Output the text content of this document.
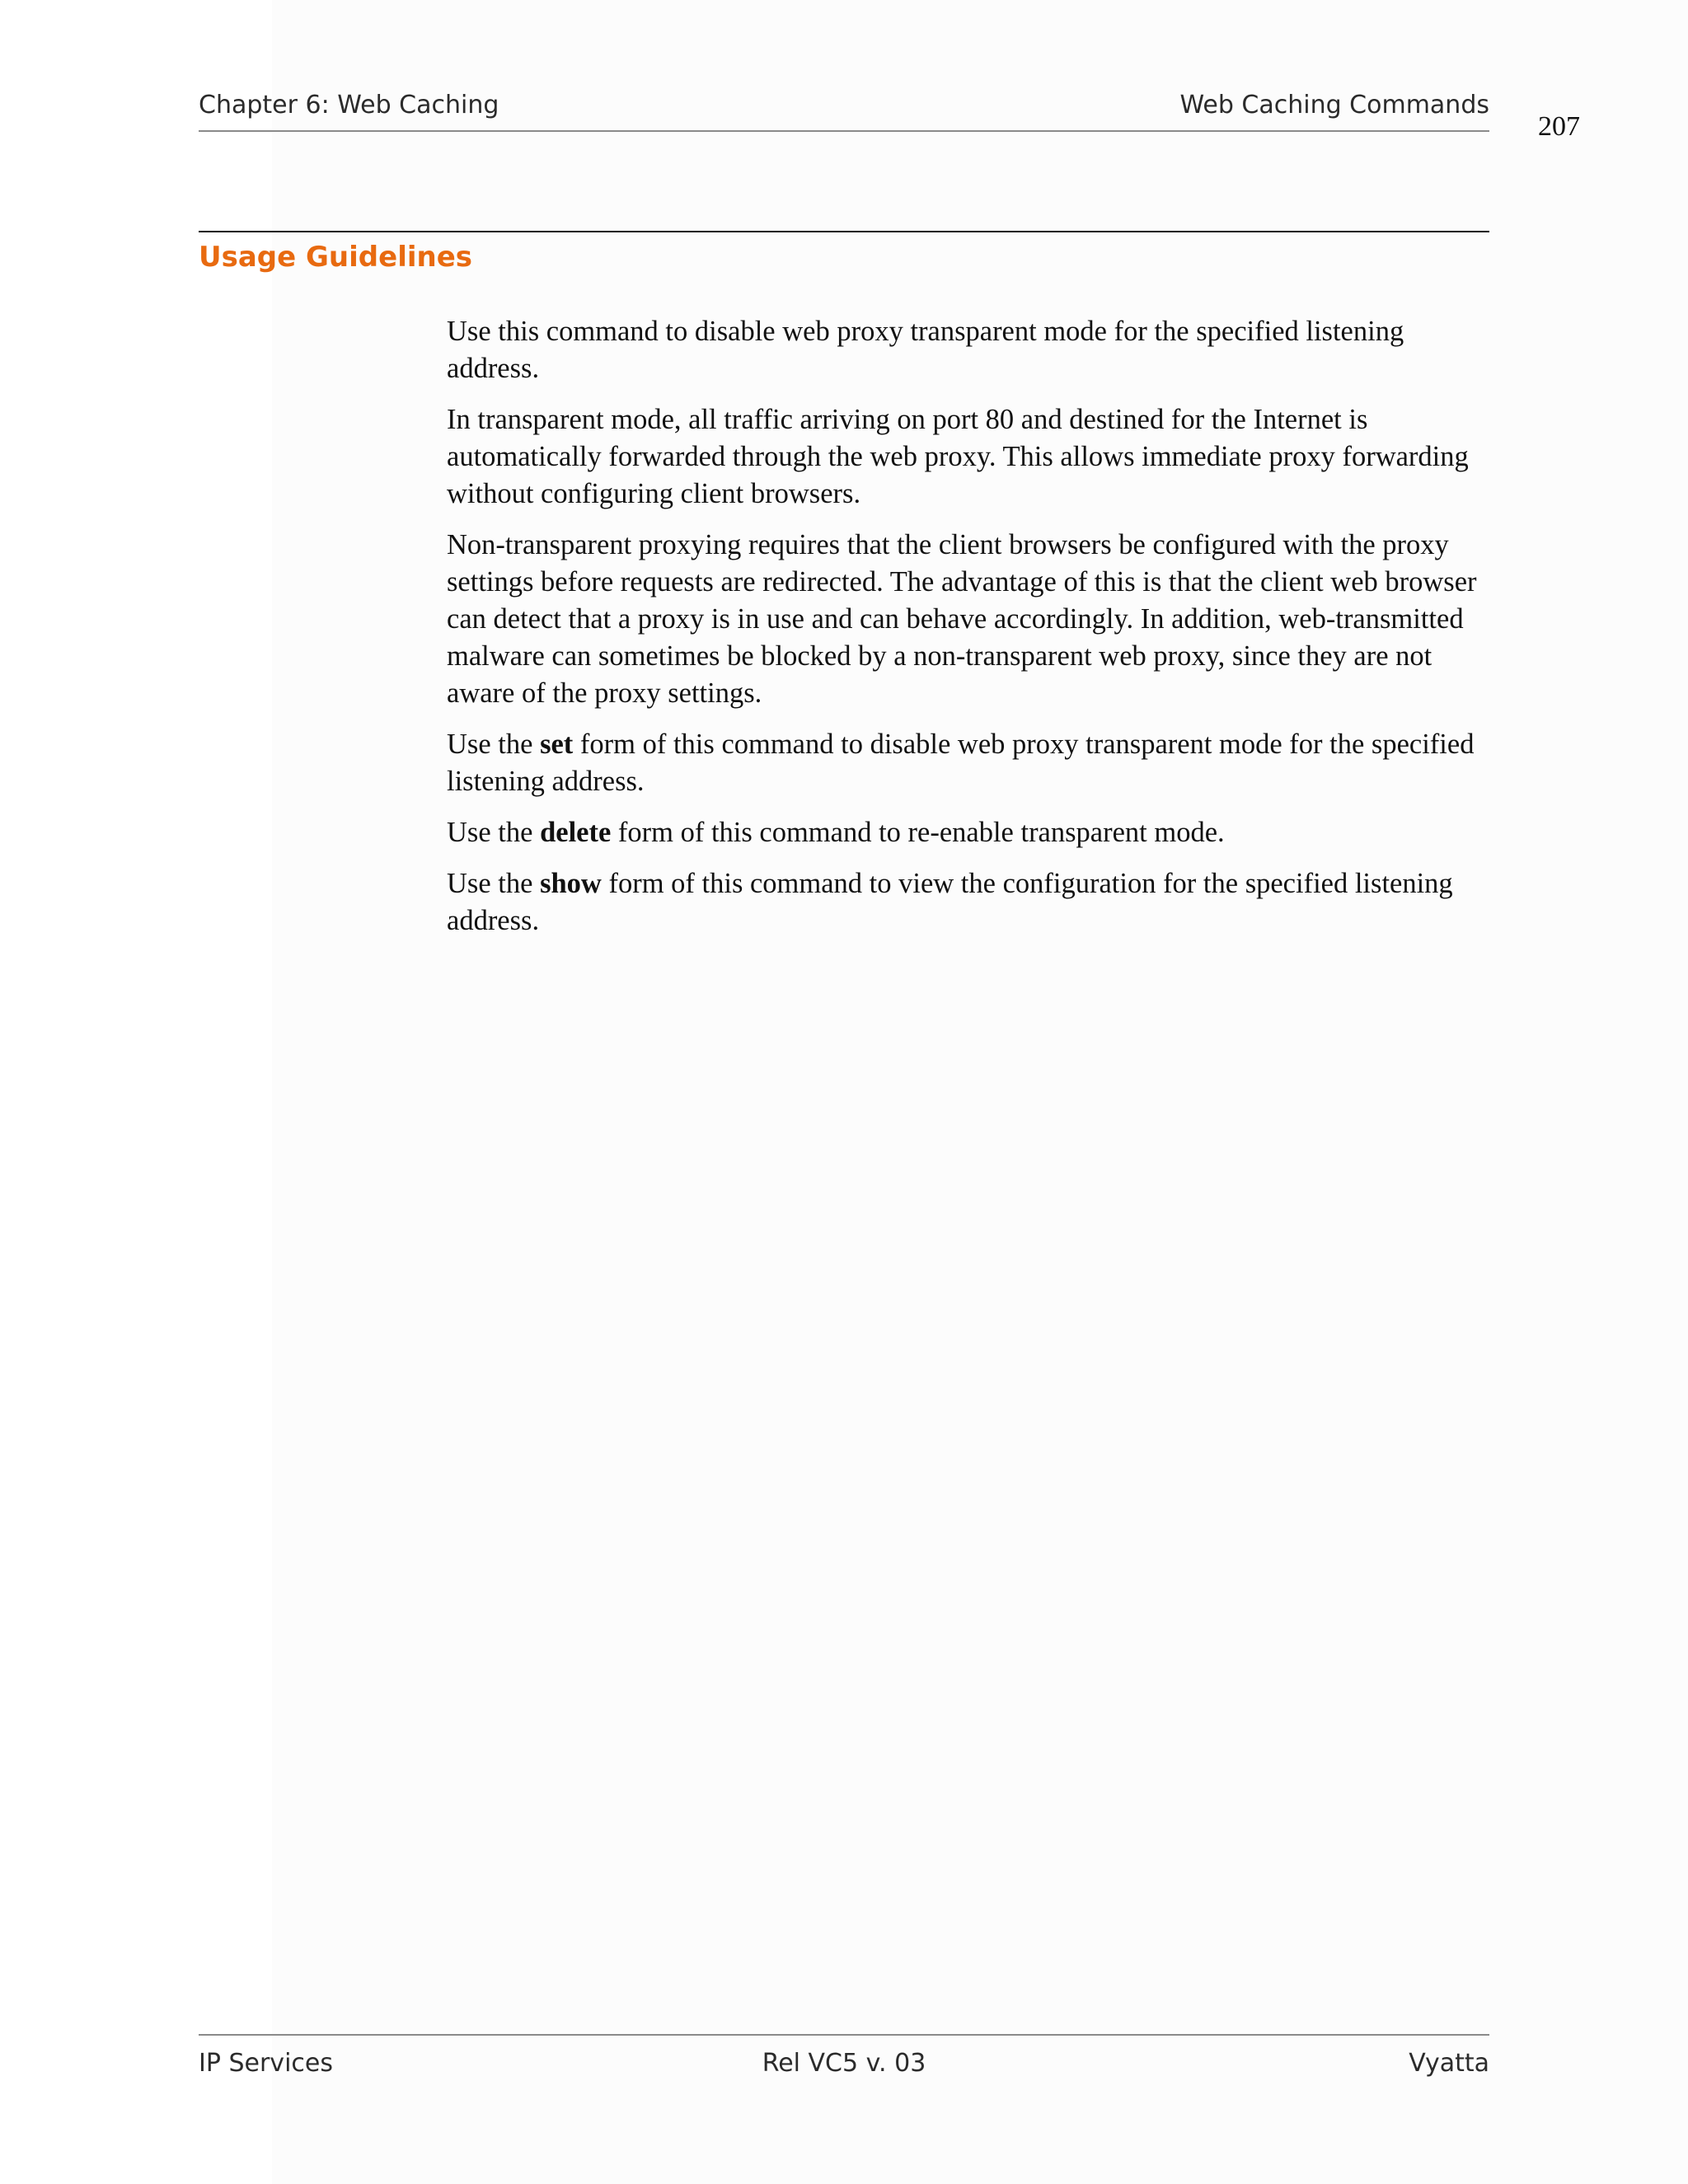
Chapter 6: Web Caching	Web Caching Commands
207
Usage Guidelines

Use this command to disable web proxy transparent mode for the specified listening address.

In transparent mode, all traffic arriving on port 80 and destined for the Internet is automatically forwarded through the web proxy. This allows immediate proxy forwarding without configuring client browsers.

Non-transparent proxying requires that the client browsers be configured with the proxy settings before requests are redirected. The advantage of this is that the client web browser can detect that a proxy is in use and can behave accordingly. In addition, web-transmitted malware can sometimes be blocked by a non-transparent web proxy, since they are not aware of the proxy settings.

Use the set form of this command to disable web proxy transparent mode for the specified listening address.

Use the delete form of this command to re-enable transparent mode.

Use the show form of this command to view the configuration for the specified listening address.

IP Services	Rel VC5 v. 03	Vyatta
